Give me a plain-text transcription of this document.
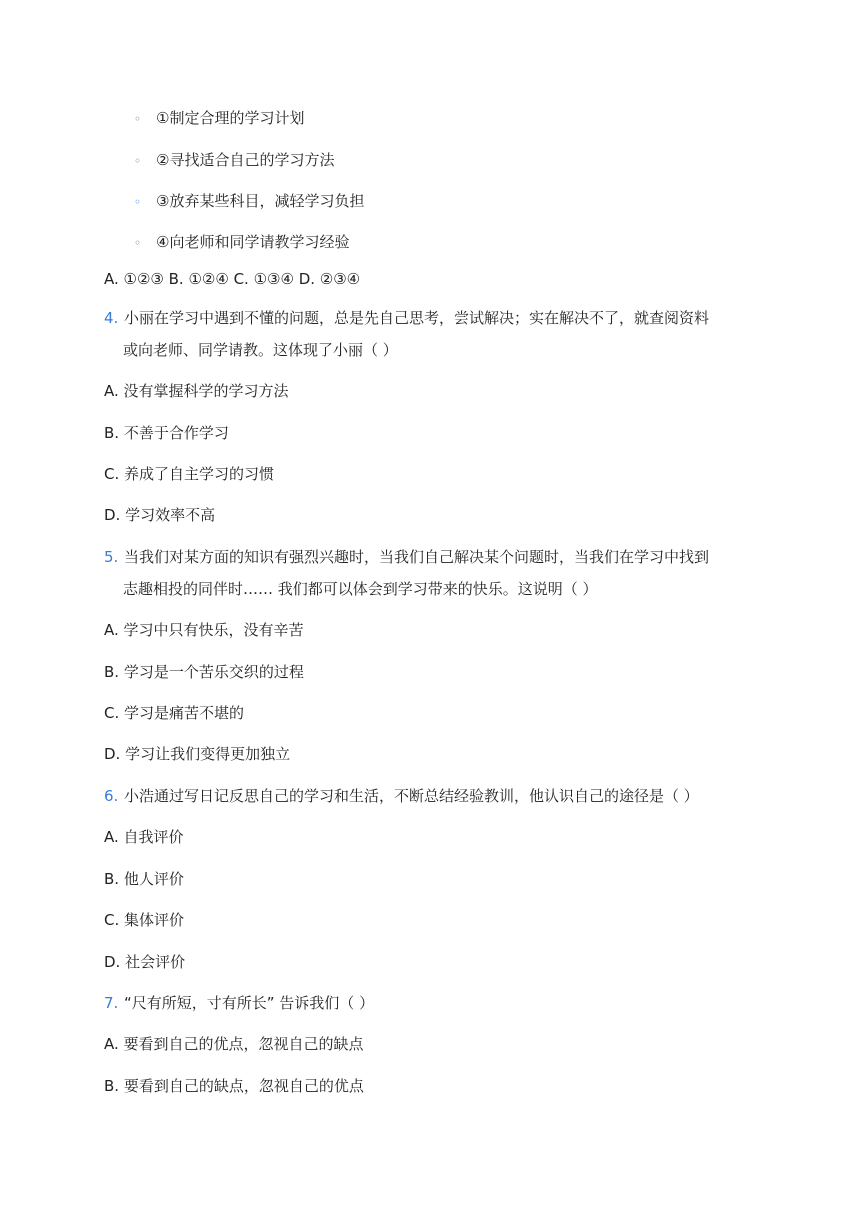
◦ ①制定合理的学习计划
◦ ②寻找适合自己的学习方法
◦ ③放弃某些科目，减轻学习负担
◦ ④向老师和同学请教学习经验
A. ①②③ B. ①②④ C. ①③④ D. ②③④
4. 小丽在学习中遇到不懂的问题，总是先自己思考，尝试解决；实在解决不了，就查阅资料
或向老师、同学请教。这体现了小丽（ ）
A. 没有掌握科学的学习方法
B. 不善于合作学习
C. 养成了自主学习的习惯
D. 学习效率不高
5. 当我们对某方面的知识有强烈兴趣时，当我们自己解决某个问题时，当我们在学习中找到
志趣相投的同伴时…… 我们都可以体会到学习带来的快乐。这说明（ ）
A. 学习中只有快乐，没有辛苦
B. 学习是一个苦乐交织的过程
C. 学习是痛苦不堪的
D. 学习让我们变得更加独立
6. 小浩通过写日记反思自己的学习和生活，不断总结经验教训，他认识自己的途径是（ ）
A. 自我评价
B. 他人评价
C. 集体评价
D. 社会评价
7. “尺有所短，寸有所长” 告诉我们（ ）
A. 要看到自己的优点，忽视自己的缺点
B. 要看到自己的缺点，忽视自己的优点
